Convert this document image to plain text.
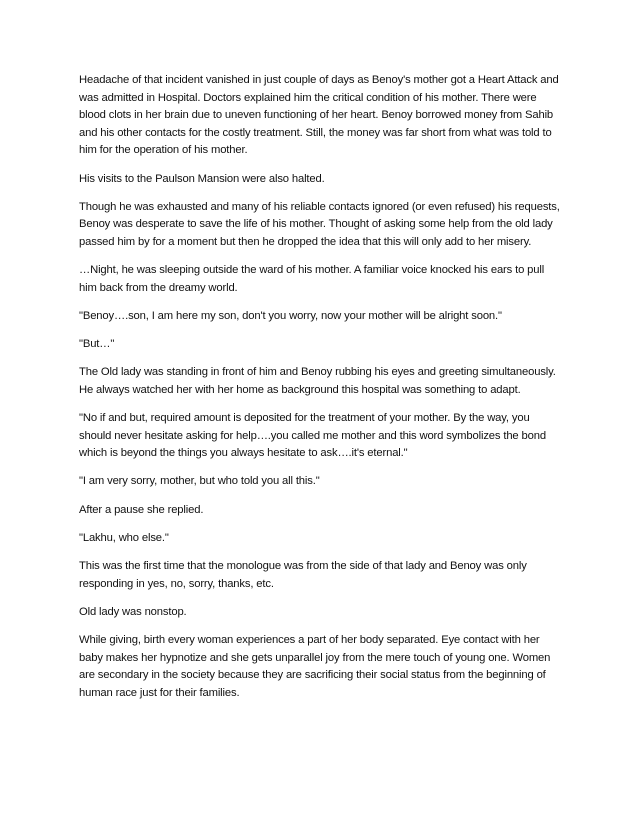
Headache of that incident vanished in just couple of days as Benoy's mother got a Heart Attack and was admitted in Hospital. Doctors explained him the critical condition of his mother. There were blood clots in her brain due to uneven functioning of her heart. Benoy borrowed money from Sahib and his other contacts for the costly treatment. Still, the money was far short from what was told to him for the operation of his mother.

His visits to the Paulson Mansion were also halted.

Though he was exhausted and many of his reliable contacts ignored (or even refused) his requests, Benoy was desperate to save the life of his mother. Thought of asking some help from the old lady passed him by for a moment but then he dropped the idea that this will only add to her misery.

…Night, he was sleeping outside the ward of his mother. A familiar voice knocked his ears to pull him back from the dreamy world.

"Benoy….son, I am here my son, don't you worry, now your mother will be alright soon."

"But…"

The Old lady was standing in front of him and Benoy rubbing his eyes and greeting simultaneously. He always watched her with her home as background this hospital was something to adapt.

"No if and but, required amount is deposited for the treatment of your mother. By the way, you should never hesitate asking for help….you called me mother and this word symbolizes the bond which is beyond the things you always hesitate to ask….it's eternal."

"I am very sorry, mother, but who told you all this."

After a pause she replied.

"Lakhu, who else."

This was the first time that the monologue was from the side of that lady and Benoy was only responding in yes, no, sorry, thanks, etc.

Old lady was nonstop.

While giving, birth every woman experiences a part of her body separated. Eye contact with her baby makes her hypnotize and she gets unparallel joy from the mere touch of young one. Women are secondary in the society because they are sacrificing their social status from the beginning of human race just for their families.
